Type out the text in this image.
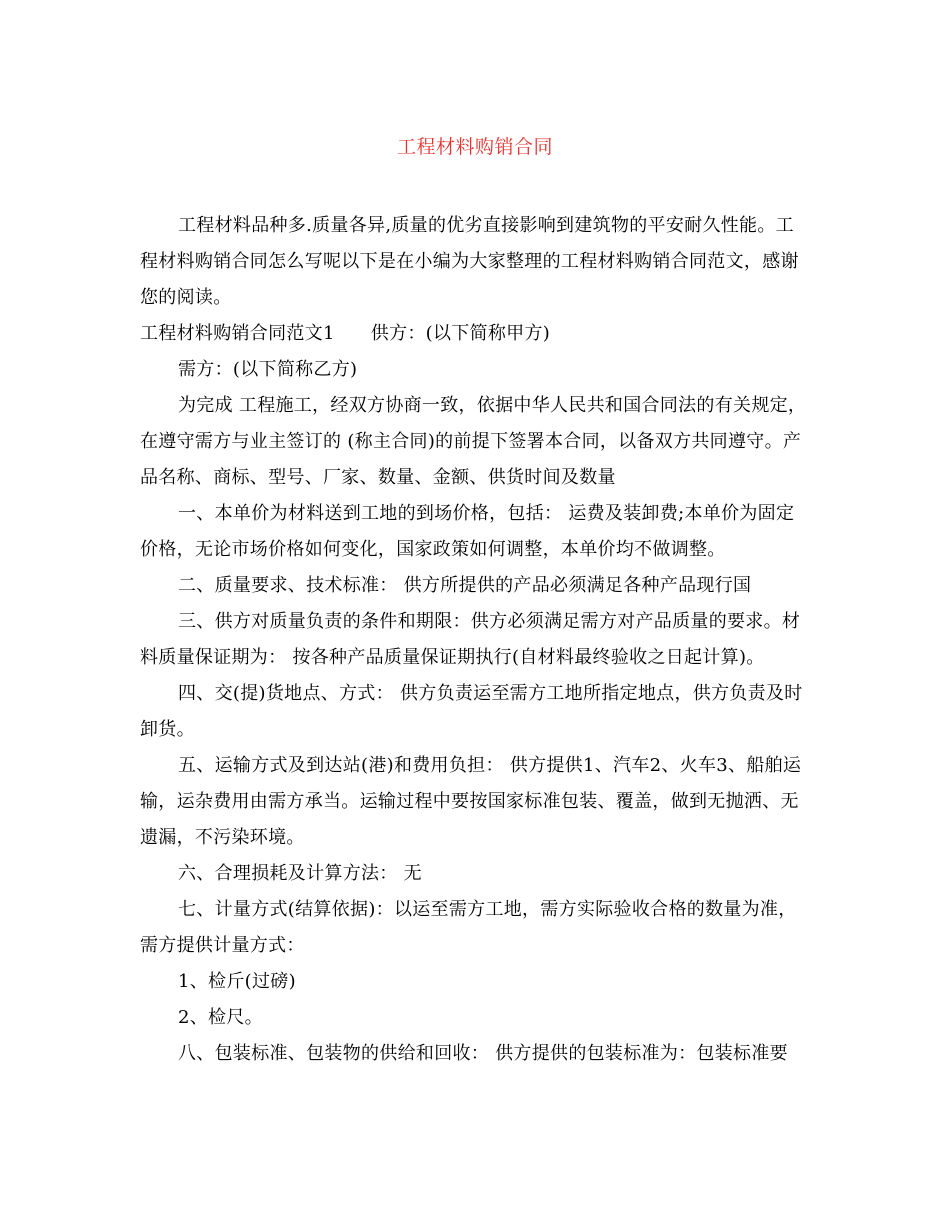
工程材料购销合同

工程材料品种多.质量各异,质量的优劣直接影响到建筑物的平安耐久性能。工程材料购销合同怎么写呢以下是在小编为大家整理的工程材料购销合同范文，感谢您的阅读。

工程材料购销合同范文1 供方：(以下简称甲方)

需方：(以下简称乙方)

为完成 工程施工，经双方协商一致，依据中华人民共和国合同法的有关规定，在遵守需方与业主签订的 (称主合同)的前提下签署本合同，以备双方共同遵守。产品名称、商标、型号、厂家、数量、金额、供货时间及数量

一、本单价为材料送到工地的到场价格，包括： 运费及装卸费;本单价为固定价格，无论市场价格如何变化，国家政策如何调整，本单价均不做调整。

二、质量要求、技术标准： 供方所提供的产品必须满足各种产品现行国

三、供方对质量负责的条件和期限：供方必须满足需方对产品质量的要求。材料质量保证期为： 按各种产品质量保证期执行(自材料最终验收之日起计算)。

四、交(提)货地点、方式： 供方负责运至需方工地所指定地点，供方负责及时卸货。

五、运输方式及到达站(港)和费用负担： 供方提供1、汽车2、火车3、船舶运输，运杂费用由需方承当。运输过程中要按国家标准包装、覆盖，做到无抛洒、无遗漏，不污染环境。

六、合理损耗及计算方法： 无

七、计量方式(结算依据)：以运至需方工地，需方实际验收合格的数量为准，需方提供计量方式：

1、检斤(过磅)

2、检尺。

八、包装标准、包装物的供给和回收： 供方提供的包装标准为：包装标准要
